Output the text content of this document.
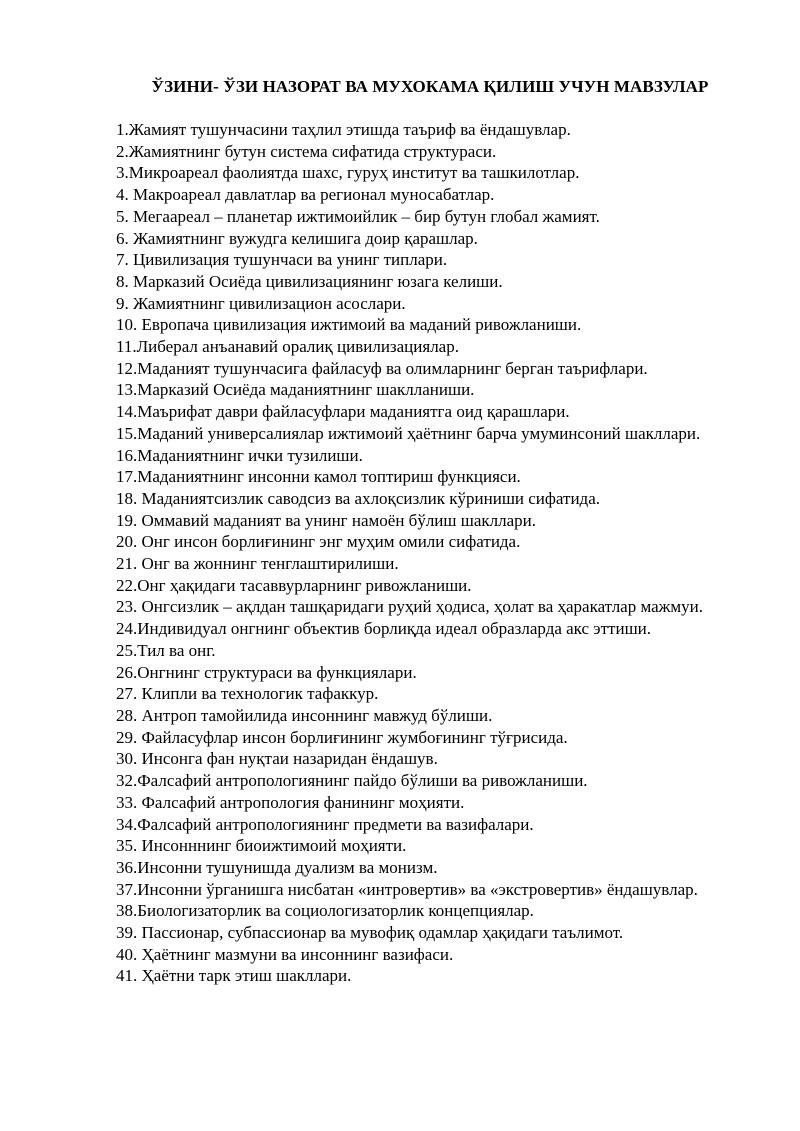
ЎЗИНИ- ЎЗИ НАЗОРАТ ВА МУХОКАМА ҚИЛИШ УЧУН МАВЗУЛАР
1.Жамият тушунчасини таҳлил этишда таъриф ва ёндашувлар.
2.Жамиятнинг бутун система сифатида структураси.
3.Микроареал фаолиятда шахс, гуруҳ институт ва ташкилотлар.
4. Макроареал давлатлар ва регионал муносабатлар.
5. Мегаареал – планетар ижтимоийлик – бир бутун глобал жамият.
6. Жамиятнинг вужудга келишига доир қарашлар.
7. Цивилизация тушунчаси ва унинг типлари.
8. Марказий Осиёда цивилизациянинг юзага келиши.
9. Жамиятнинг цивилизацион асослари.
10. Европача цивилизация ижтимоий ва маданий ривожланиши.
11.Либерал анъанавий оралиқ цивилизациялар.
12.Маданият тушунчасига файласуф ва олимларнинг берган таърифлари.
13.Марказий Осиёда маданиятнинг шаклланиши.
14.Маърифат даври файласуфлари маданиятга оид қарашлари.
15.Маданий универсалиялар ижтимоий ҳаётнинг барча умуминсоний шакллари.
16.Маданиятнинг ички тузилиши.
17.Маданиятнинг инсонни камол топтириш функцияси.
18. Маданиятсизлик саводсиз ва ахлоқсизлик кўриниши сифатида.
19. Оммавий маданият ва унинг намоён бўлиш шакллари.
20. Онг инсон борлиғининг энг муҳим омили сифатида.
21. Онг ва жоннинг тенглаштирилиши.
22.Онг ҳақидаги тасаввурларнинг ривожланиши.
23. Онгсизлик – ақлдан ташқаридаги руҳий ҳодиса, ҳолат ва ҳаракатлар мажмуи.
24.Индивидуал онгнинг объектив борлиқда идеал образларда акс эттиши.
25.Тил ва онг.
26.Онгнинг структураси ва функциялари.
27. Клипли ва технологик тафаккур.
28. Антроп тамойилида инсоннинг мавжуд бўлиши.
29. Файласуфлар инсон борлиғининг жумбоғининг тўғрисида.
30. Инсонга фан нуқтаи назаридан ёндашув.
32.Фалсафий антропологиянинг пайдо бўлиши ва ривожланиши.
33. Фалсафий антропология фанининг моҳияти.
34.Фалсафий антропологиянинг предмети ва вазифалари.
35. Инсонннинг биоижтимоий моҳияти.
36.Инсонни тушунишда дуализм ва монизм.
37.Инсонни ўрганишга нисбатан «интровертив» ва «экстровертив» ёндашувлар.
38.Биологизаторлик ва социологизаторлик концепциялар.
39. Пассионар, субпассионар ва мувофиқ одамлар ҳақидаги таълимот.
40. Ҳаётнинг мазмуни ва инсоннинг вазифаси.
41. Ҳаётни тарк этиш шакллари.
